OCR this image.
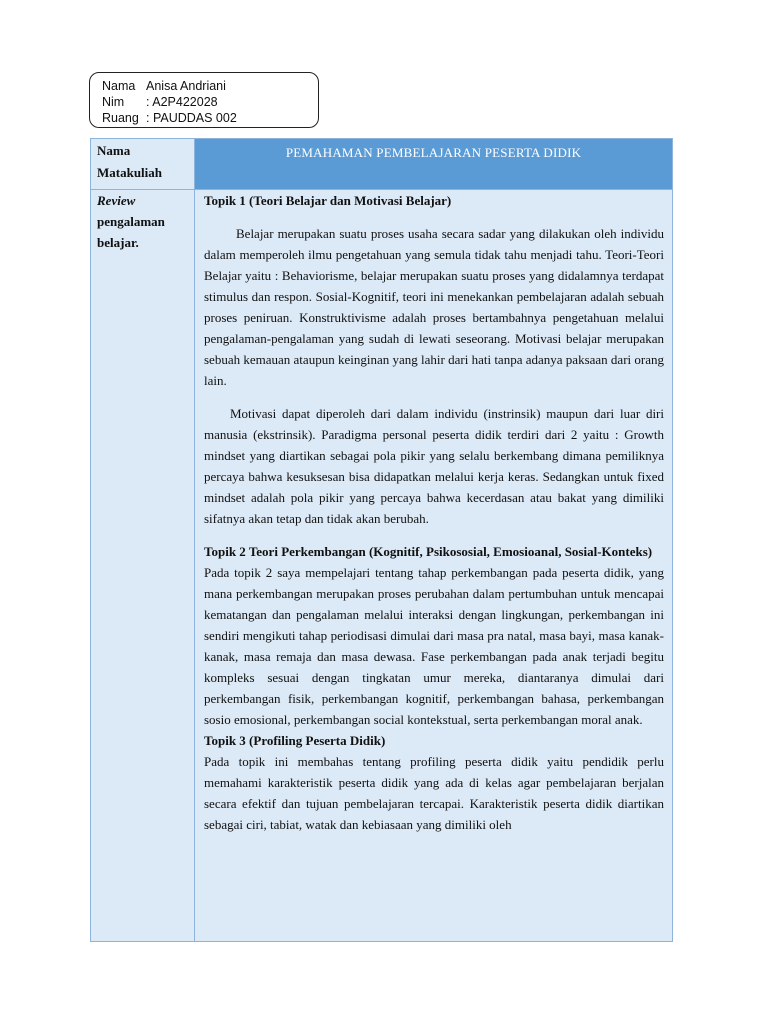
Nama Anisa Andriani
Nim : A2P422028
Ruang : PAUDDAS 002
Nama
Matakuliah
PEMAHAMAN PEMBELAJARAN PESERTA DIDIK
Review
pengalaman
belajar.

Topik 1 (Teori Belajar dan Motivasi Belajar)

Belajar merupakan suatu proses usaha secara sadar yang dilakukan oleh individu dalam memperoleh ilmu pengetahuan yang semula tidak tahu menjadi tahu. Teori-Teori Belajar yaitu : Behaviorisme, belajar merupakan suatu proses yang didalamnya terdapat stimulus dan respon. Sosial-Kognitif, teori ini menekankan pembelajaran adalah sebuah proses peniruan. Konstruktivisme adalah proses bertambahnya pengetahuan melalui pengalaman-pengalaman yang sudah di lewati seseorang. Motivasi belajar merupakan sebuah kemauan ataupun keinginan yang lahir dari hati tanpa adanya paksaan dari orang lain.

Motivasi dapat diperoleh dari dalam individu (instrinsik) maupun dari luar diri manusia (ekstrinsik). Paradigma personal peserta didik terdiri dari 2 yaitu : Growth mindset yang diartikan sebagai pola pikir yang selalu berkembang dimana pemiliknya percaya bahwa kesuksesan bisa didapatkan melalui kerja keras. Sedangkan untuk fixed mindset adalah pola pikir yang percaya bahwa kecerdasan atau bakat yang dimiliki sifatnya akan tetap dan tidak akan berubah.

Topik 2 Teori Perkembangan (Kognitif, Psikososial, Emosioanal, Sosial-Konteks)

Pada topik 2 saya mempelajari tentang tahap perkembangan pada peserta didik, yang mana perkembangan merupakan proses perubahan dalam pertumbuhan untuk mencapai kematangan dan pengalaman melalui interaksi dengan lingkungan, perkembangan ini sendiri mengikuti tahap periodisasi dimulai dari masa pra natal, masa bayi, masa kanak-kanak, masa remaja dan masa dewasa. Fase perkembangan pada anak terjadi begitu kompleks sesuai dengan tingkatan umur mereka, diantaranya dimulai dari perkembangan fisik, perkembangan kognitif, perkembangan bahasa, perkembangan sosio emosional, perkembangan social kontekstual, serta perkembangan moral anak.

Topik 3 (Profiling Peserta Didik)

Pada topik ini membahas tentang profiling peserta didik yaitu pendidik perlu memahami karakteristik peserta didik yang ada di kelas agar pembelajaran berjalan secara efektif dan tujuan pembelajaran tercapai. Karakteristik peserta didik diartikan sebagai ciri, tabiat, watak dan kebiasaan yang dimiliki oleh
